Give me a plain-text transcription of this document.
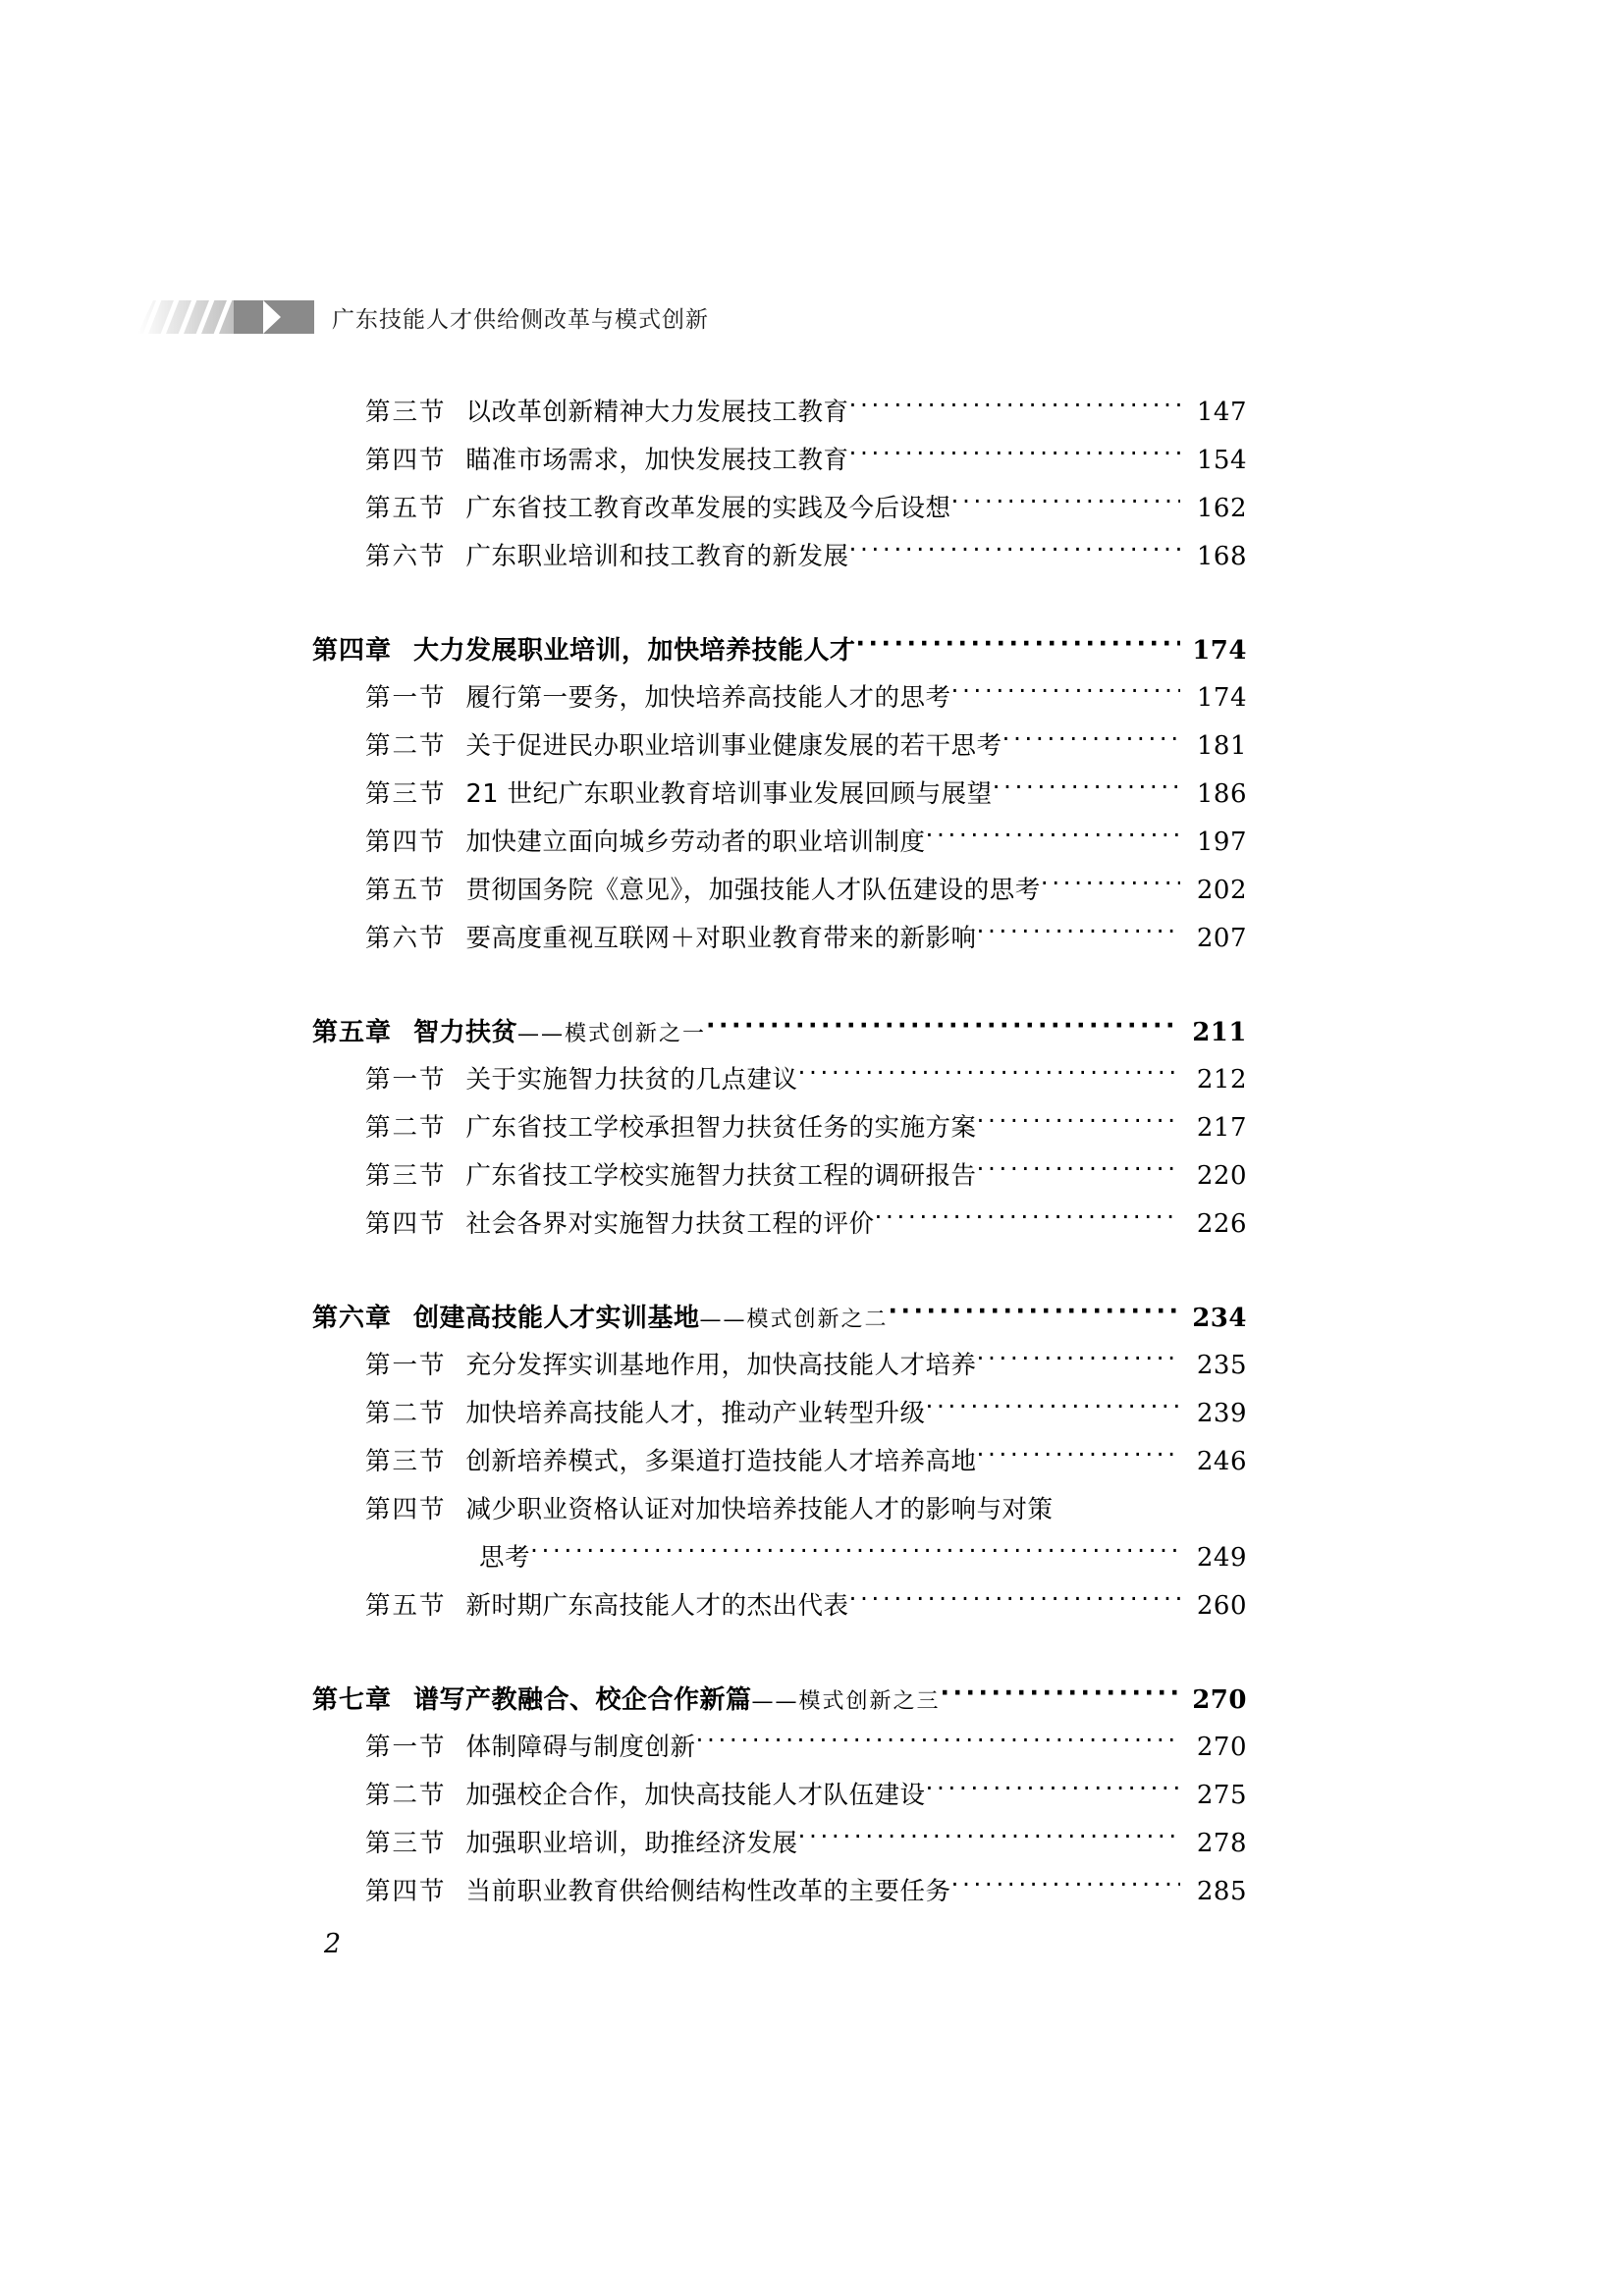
广东技能人才供给侧改革与模式创新
第三节 以改革创新精神大力发展技工教育 ·····	147
第四节 瞄准市场需求，加快发展技工教育 ·····	154
第五节 广东省技工教育改革发展的实践及今后设想 ·····	162
第六节 广东职业培训和技工教育的新发展 ·····	168
第四章 大力发展职业培训，加快培养技能人才 ·····	174
第一节 履行第一要务，加快培养高技能人才的思考 ·····	174
第二节 关于促进民办职业培训事业健康发展的若干思考 ·····	181
第三节 21 世纪广东职业教育培训事业发展回顾与展望 ·····	186
第四节 加快建立面向城乡劳动者的职业培训制度 ·····	197
第五节 贯彻国务院《意见》，加强技能人才队伍建设的思考 ·····	202
第六节 要高度重视互联网＋对职业教育带来的新影响 ·····	207
第五章 智力扶贫——模式创新之一 ·····	211
第一节 关于实施智力扶贫的几点建议 ·····	212
第二节 广东省技工学校承担智力扶贫任务的实施方案 ·····	217
第三节 广东省技工学校实施智力扶贫工程的调研报告 ·····	220
第四节 社会各界对实施智力扶贫工程的评价 ·····	226
第六章 创建高技能人才实训基地——模式创新之二 ·····	234
第一节 充分发挥实训基地作用，加快高技能人才培养 ·····	235
第二节 加快培养高技能人才，推动产业转型升级 ·····	239
第三节 创新培养模式，多渠道打造技能人才培养高地 ·····	246
第四节 减少职业资格认证对加快培养技能人才的影响与对策
思考 ·····	249
第五节 新时期广东高技能人才的杰出代表 ·····	260
第七章 谱写产教融合、校企合作新篇——模式创新之三 ·····	270
第一节 体制障碍与制度创新 ·····	270
第二节 加强校企合作，加快高技能人才队伍建设 ·····	275
第三节 加强职业培训，助推经济发展 ·····	278
第四节 当前职业教育供给侧结构性改革的主要任务 ·····	285
2
